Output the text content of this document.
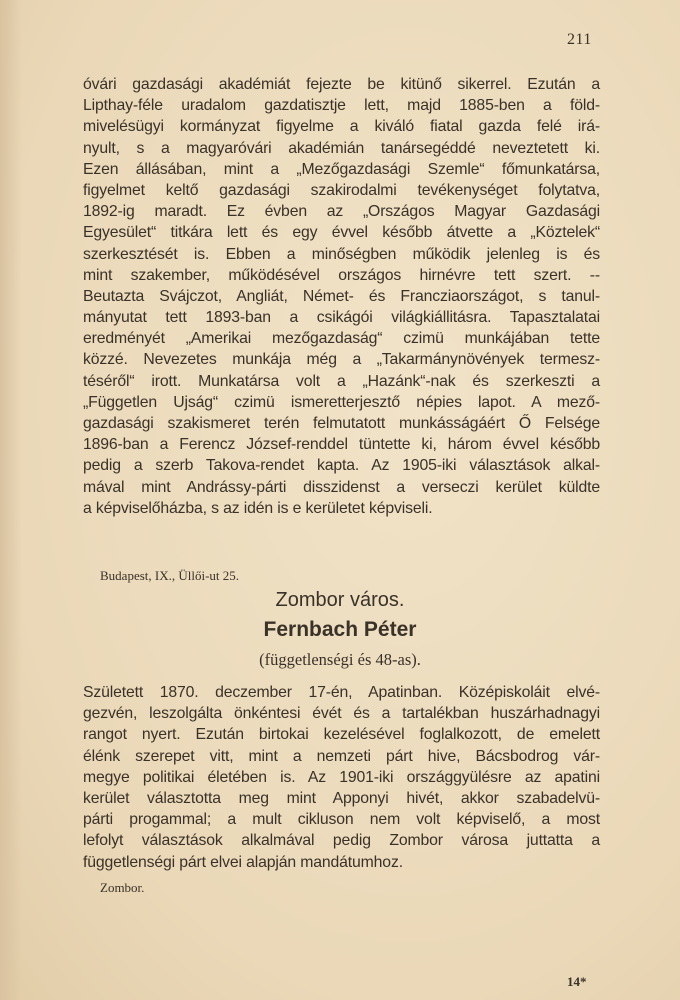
211
óvári gazdasági akadémiát fejezte be kitünő sikerrel. Ezután a
Lipthay-féle uradalom gazdatisztje lett, majd 1885-ben a föld-
mivelésügyi kormányzat figyelme a kiváló fiatal gazda felé irá-
nyult, s a magyaróvári akadémián tanársegéddé neveztetett ki.
Ezen állásában, mint a „Mezőgazdasági Szemle“ főmunkatársa,
figyelmet keltő gazdasági szakirodalmi tevékenységet folytatva,
1892-ig maradt. Ez évben az „Országos Magyar Gazdasági
Egyesület“ titkára lett és egy évvel később átvette a „Köztelek“
szerkesztését is. Ebben a minőségben működik jelenleg is és
mint szakember, működésével országos hirnévre tett szert. --
Beutazta Svájczot, Angliát, Német- és Francziaországot, s tanul-
mányutat tett 1893-ban a csikágói világkiállitásra. Tapasztalatai
eredményét „Amerikai mezőgazdaság“ czimü munkájában tette
közzé. Nevezetes munkája még a „Takarmánynövények termesz-
téséről“ irott. Munkatársa volt a „Hazánk“-nak és szerkeszti a
„Független Ujság“ czimü ismeretterjesztő népies lapot. A mező-
gazdasági szakismeret terén felmutatott munkásságáért Ő Felsége
1896-ban a Ferencz József-renddel tüntette ki, három évvel később
pedig a szerb Takova-rendet kapta. Az 1905-iki választások alkal-
mával mint Andrássy-párti disszidenst a verseczi kerület küldte
a képviselőházba, s az idén is e kerületet képviseli.
Budapest, IX., Üllői-ut 25.
Zombor város.
Fernbach Péter
(függetlenségi és 48-as).
Született 1870. deczember 17-én, Apatinban. Középiskoláit elvé-
gezvén, leszolgálta önkéntesi évét és a tartalékban huszárhadnagyi
rangot nyert. Ezután birtokai kezelésével foglalkozott, de emelett
élénk szerepet vitt, mint a nemzeti párt hive, Bácsbodrog vár-
megye politikai életében is. Az 1901-iki országgyülésre az apatini
kerület választotta meg mint Apponyi hivét, akkor szabadelvü-
párti progammal; a mult cikluson nem volt képviselő, a most
lefolyt választások alkalmával pedig Zombor városa juttatta a
függetlenségi párt elvei alapján mandátumhoz.
Zombor.
14*
